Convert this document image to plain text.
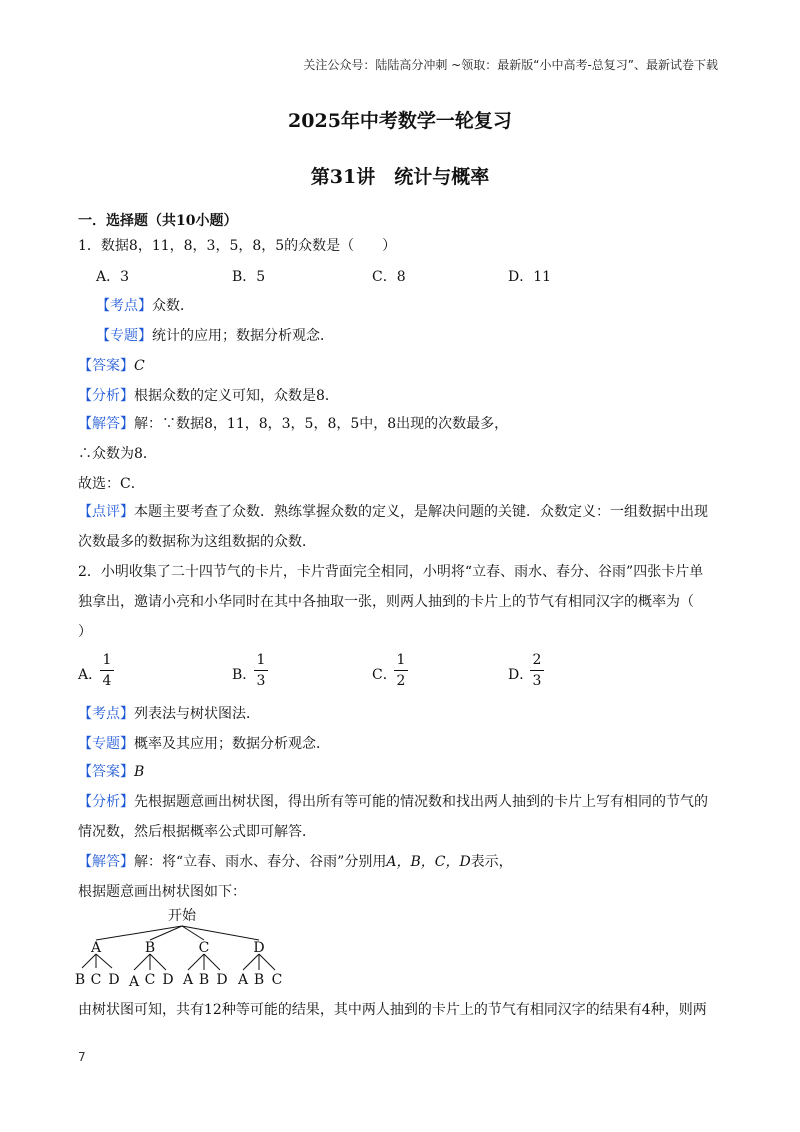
关注公众号：陆陆高分冲刺 ~领取：最新版“小中高考-总复习”、最新试卷下载
2025年中考数学一轮复习
第31讲　统计与概率
一．选择题（共10小题）
1．数据8，11，8，3，5，8，5的众数是（　　）
A．3	B．5	C．8	D．11
【考点】众数．
【专题】统计的应用；数据分析观念．
【答案】C
【分析】根据众数的定义可知，众数是8．
【解答】解：∵数据8，11，8，3，5，8，5中，8出现的次数最多，
∴众数为8．
故选：C．
【点评】本题主要考查了众数．熟练掌握众数的定义，是解决问题的关键．众数定义：一组数据中出现
次数最多的数据称为这组数据的众数．
2．小明收集了二十四节气的卡片，卡片背面完全相同，小明将“立春、雨水、春分、谷雨”四张卡片单
独拿出，邀请小亮和小华同时在其中各抽取一张，则两人抽到的卡片上的节气有相同汉字的概率为（
）
A．
1
4	B．
1
3	C．
1
2	D．
2
3
【考点】列表法与树状图法．
【专题】概率及其应用；数据分析观念．
【答案】B
【分析】先根据题意画出树状图，得出所有等可能的情况数和找出两人抽到的卡片上写有相同的节气的
情况数，然后根据概率公式即可解答．
【解答】解：将“立春、雨水、春分、谷雨”分别用A，B，C，D表示，
根据题意画出树状图如下：
开始
A	B	C	D
B C D A C D A B D A B C
由树状图可知，共有12种等可能的结果，其中两人抽到的卡片上的节气有相同汉字的结果有4种，则两
7
